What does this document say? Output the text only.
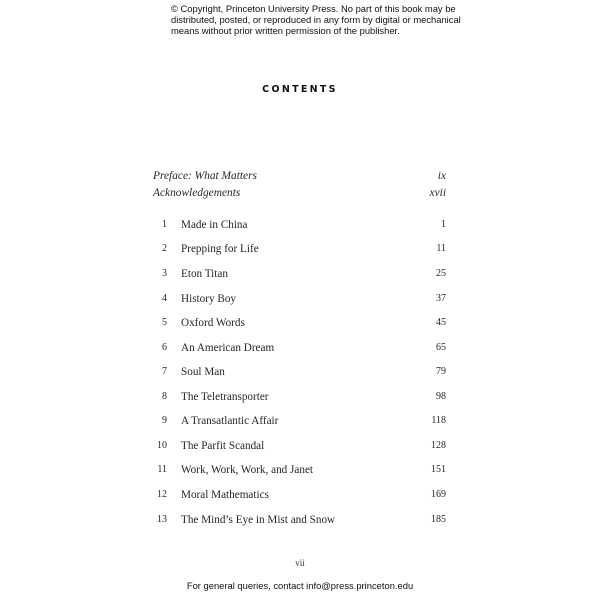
© Copyright, Princeton University Press. No part of this book may be
distributed, posted, or reproduced in any form by digital or mechanical
means without prior written permission of the publisher.
CONTENTS
Preface: What Matters	ix
Acknowledgements	xvii
1 Made in China	1
2 Prepping for Life	11
3 Eton Titan	25
4 History Boy	37
5 Oxford Words	45
6 An American Dream	65
7 Soul Man	79
8 The Teletransporter	98
9 A Transatlantic Affair	118
10 The Parfit Scandal	128
11 Work, Work, Work, and Janet	151
12 Moral Mathematics	169
13 The Mind’s Eye in Mist and Snow	185
vii
For general queries, contact info@press.princeton.edu
